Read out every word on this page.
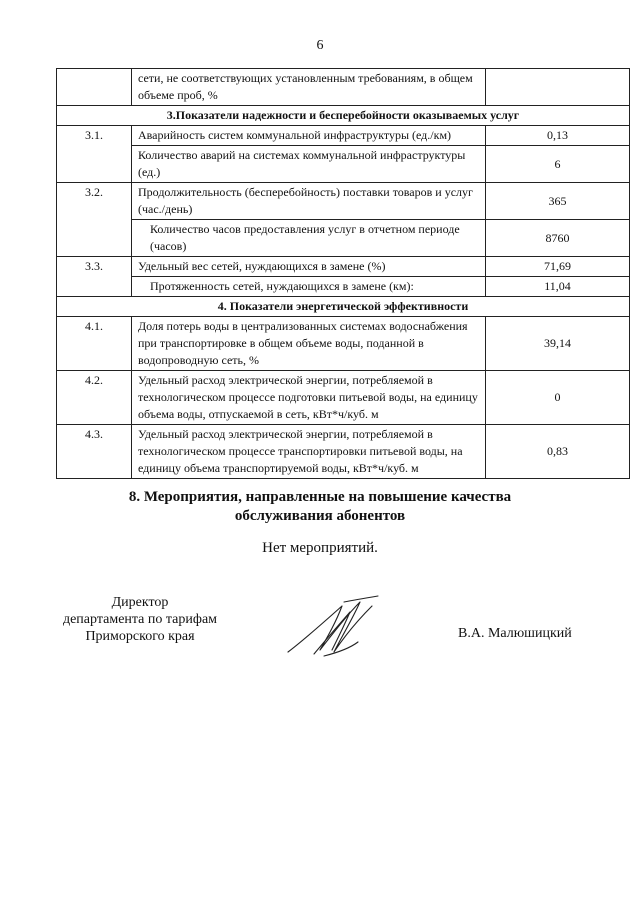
6
	сети, не соответствующих установленным требованиям, в общем объеме проб, %	
3.Показатели надежности и бесперебойности оказываемых услуг		
3.1.	Аварийность систем коммунальной инфраструктуры (ед./км)	0,13
	Количество аварий на системах коммунальной инфраструктуры (ед.)	6
3.2.	Продолжительность (бесперебойность) поставки товаров и услуг (час./день)	365
	Количество часов предоставления услуг в отчетном периоде (часов)	8760
3.3.	Удельный вес сетей, нуждающихся в замене (%)	71,69
	Протяженность сетей, нуждающихся в замене (км):	11,04
4. Показатели энергетической эффективности		
4.1.	Доля потерь воды в централизованных системах водоснабжения при транспортировке в общем объеме воды, поданной в водопроводную сеть, %	39,14
4.2.	Удельный расход электрической энергии, потребляемой в технологическом процессе подготовки питьевой воды, на единицу объема воды, отпускаемой в сеть, кВт*ч/куб. м	0
4.3.	Удельный расход электрической энергии, потребляемой в технологическом процессе транспортировки питьевой воды, на единицу объема транспортируемой воды, кВт*ч/куб. м	0,83
8. Мероприятия, направленные на повышение качества
обслуживания абонентов
Нет мероприятий.
Директор
департамента по тарифам
Приморского края	В.А. Малюшицкий
